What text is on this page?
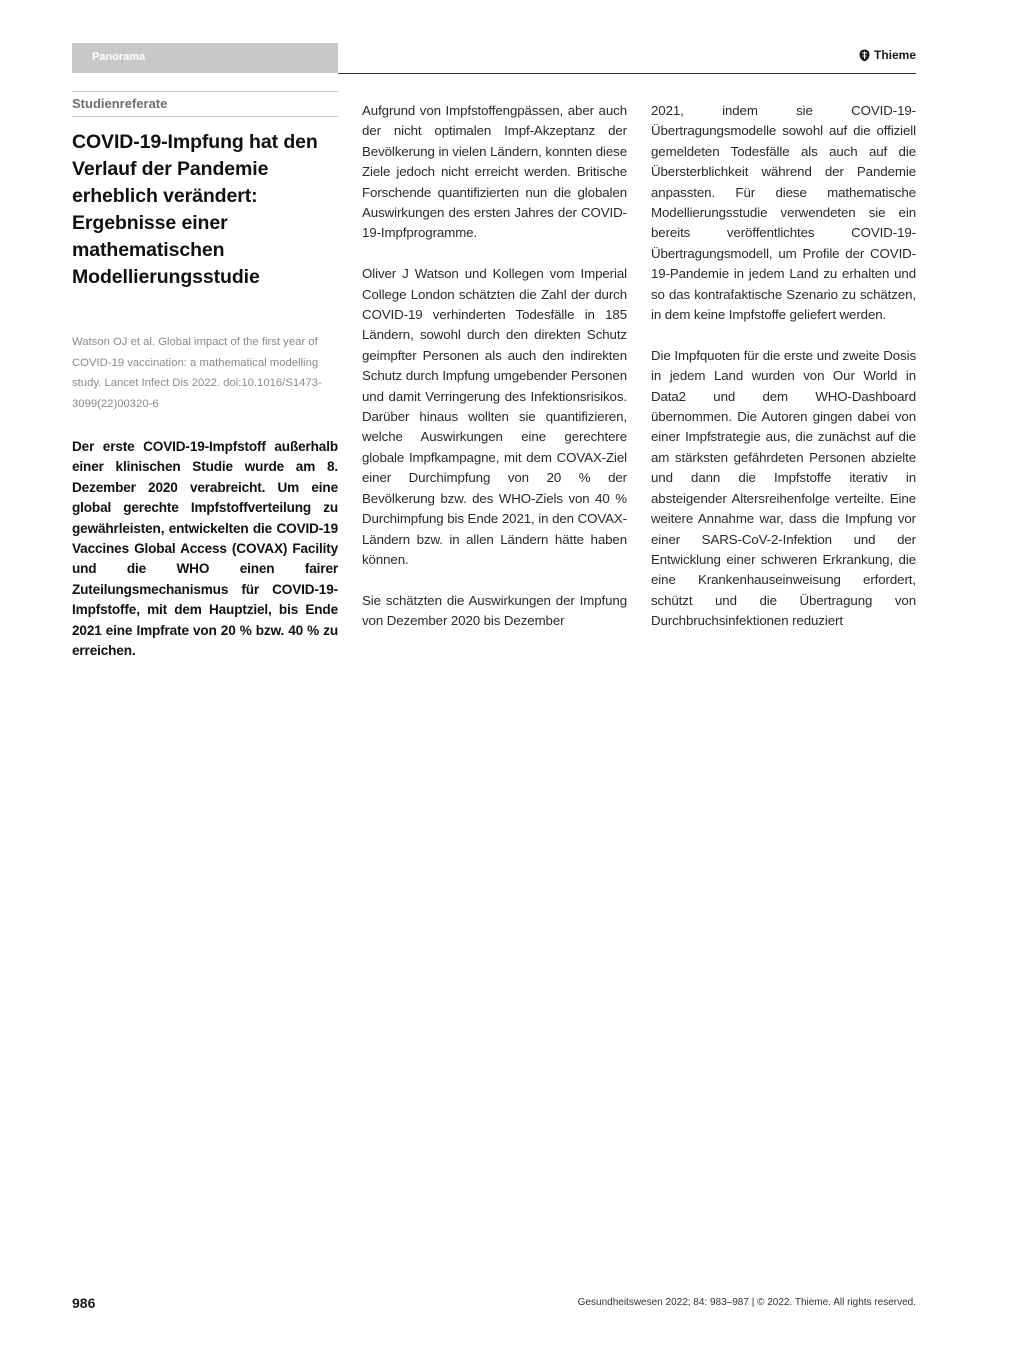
Panorama	Thieme
Studienreferate
COVID-19-Impfung hat den Verlauf der Pandemie erheblich verändert: Ergebnisse einer mathematischen Modellierungsstudie
Watson OJ et al. Global impact of the first year of COVID-19 vaccination: a mathematical modelling study. Lancet Infect Dis 2022. doi:10.1016/S1473-3099(22)00320-6
Der erste COVID-19-Impfstoff außerhalb einer klinischen Studie wurde am 8. Dezember 2020 verabreicht. Um eine global gerechte Impfstoffverteilung zu gewährleisten, entwickelten die COVID-19 Vaccines Global Access (COVAX) Facility und die WHO einen fairer Zuteilungsmechanismus für COVID-19-Impfstoffe, mit dem Hauptziel, bis Ende 2021 eine Impfrate von 20 % bzw. 40 % zu erreichen.

Aufgrund von Impfstoffengpässen, aber auch der nicht optimalen Impf-Akzeptanz der Bevölkerung in vielen Ländern, konnten diese Ziele jedoch nicht erreicht werden. Britische Forschende quantifizierten nun die globalen Auswirkungen des ersten Jahres der COVID-19-Impfprogramme.

Oliver J Watson und Kollegen vom Imperial College London schätzten die Zahl der durch COVID-19 verhinderten Todesfälle in 185 Ländern, sowohl durch den direkten Schutz geimpfter Personen als auch den indirekten Schutz durch Impfung umgebender Personen und damit Verringerung des Infektionsrisikos. Darüber hinaus wollten sie quantifizieren, welche Auswirkungen eine gerechtere globale Impfkampagne, mit dem COVAX-Ziel einer Durchimpfung von 20 % der Bevölkerung bzw. des WHO-Ziels von 40 % Durchimpfung bis Ende 2021, in den COVAX-Ländern bzw. in allen Ländern hätte haben können.

Sie schätzten die Auswirkungen der Impfung von Dezember 2020 bis Dezember

2021, indem sie COVID-19-Übertragungsmodelle sowohl auf die offiziell gemeldeten Todesfälle als auch auf die Übersterblichkeit während der Pandemie anpassten. Für diese mathematische Modellierungsstudie verwendeten sie ein bereits veröffentlichtes COVID-19-Übertragungsmodell, um Profile der COVID-19-Pandemie in jedem Land zu erhalten und so das kontrafaktische Szenario zu schätzen, in dem keine Impfstoffe geliefert werden.

Die Impfquoten für die erste und zweite Dosis in jedem Land wurden von Our World in Data2 und dem WHO-Dashboard übernommen. Die Autoren gingen dabei von einer Impfstrategie aus, die zunächst auf die am stärksten gefährdeten Personen abzielte und dann die Impfstoffe iterativ in absteigender Altersreihenfolge verteilte. Eine weitere Annahme war, dass die Impfung vor einer SARS-CoV-2-Infektion und der Entwicklung einer schweren Erkrankung, die eine Krankenhauseinweisung erfordert, schützt und die Übertragung von Durchbruchsinfektionen reduziert

986	Gesundheitswesen 2022; 84: 983–987 | © 2022. Thieme. All rights reserved.
